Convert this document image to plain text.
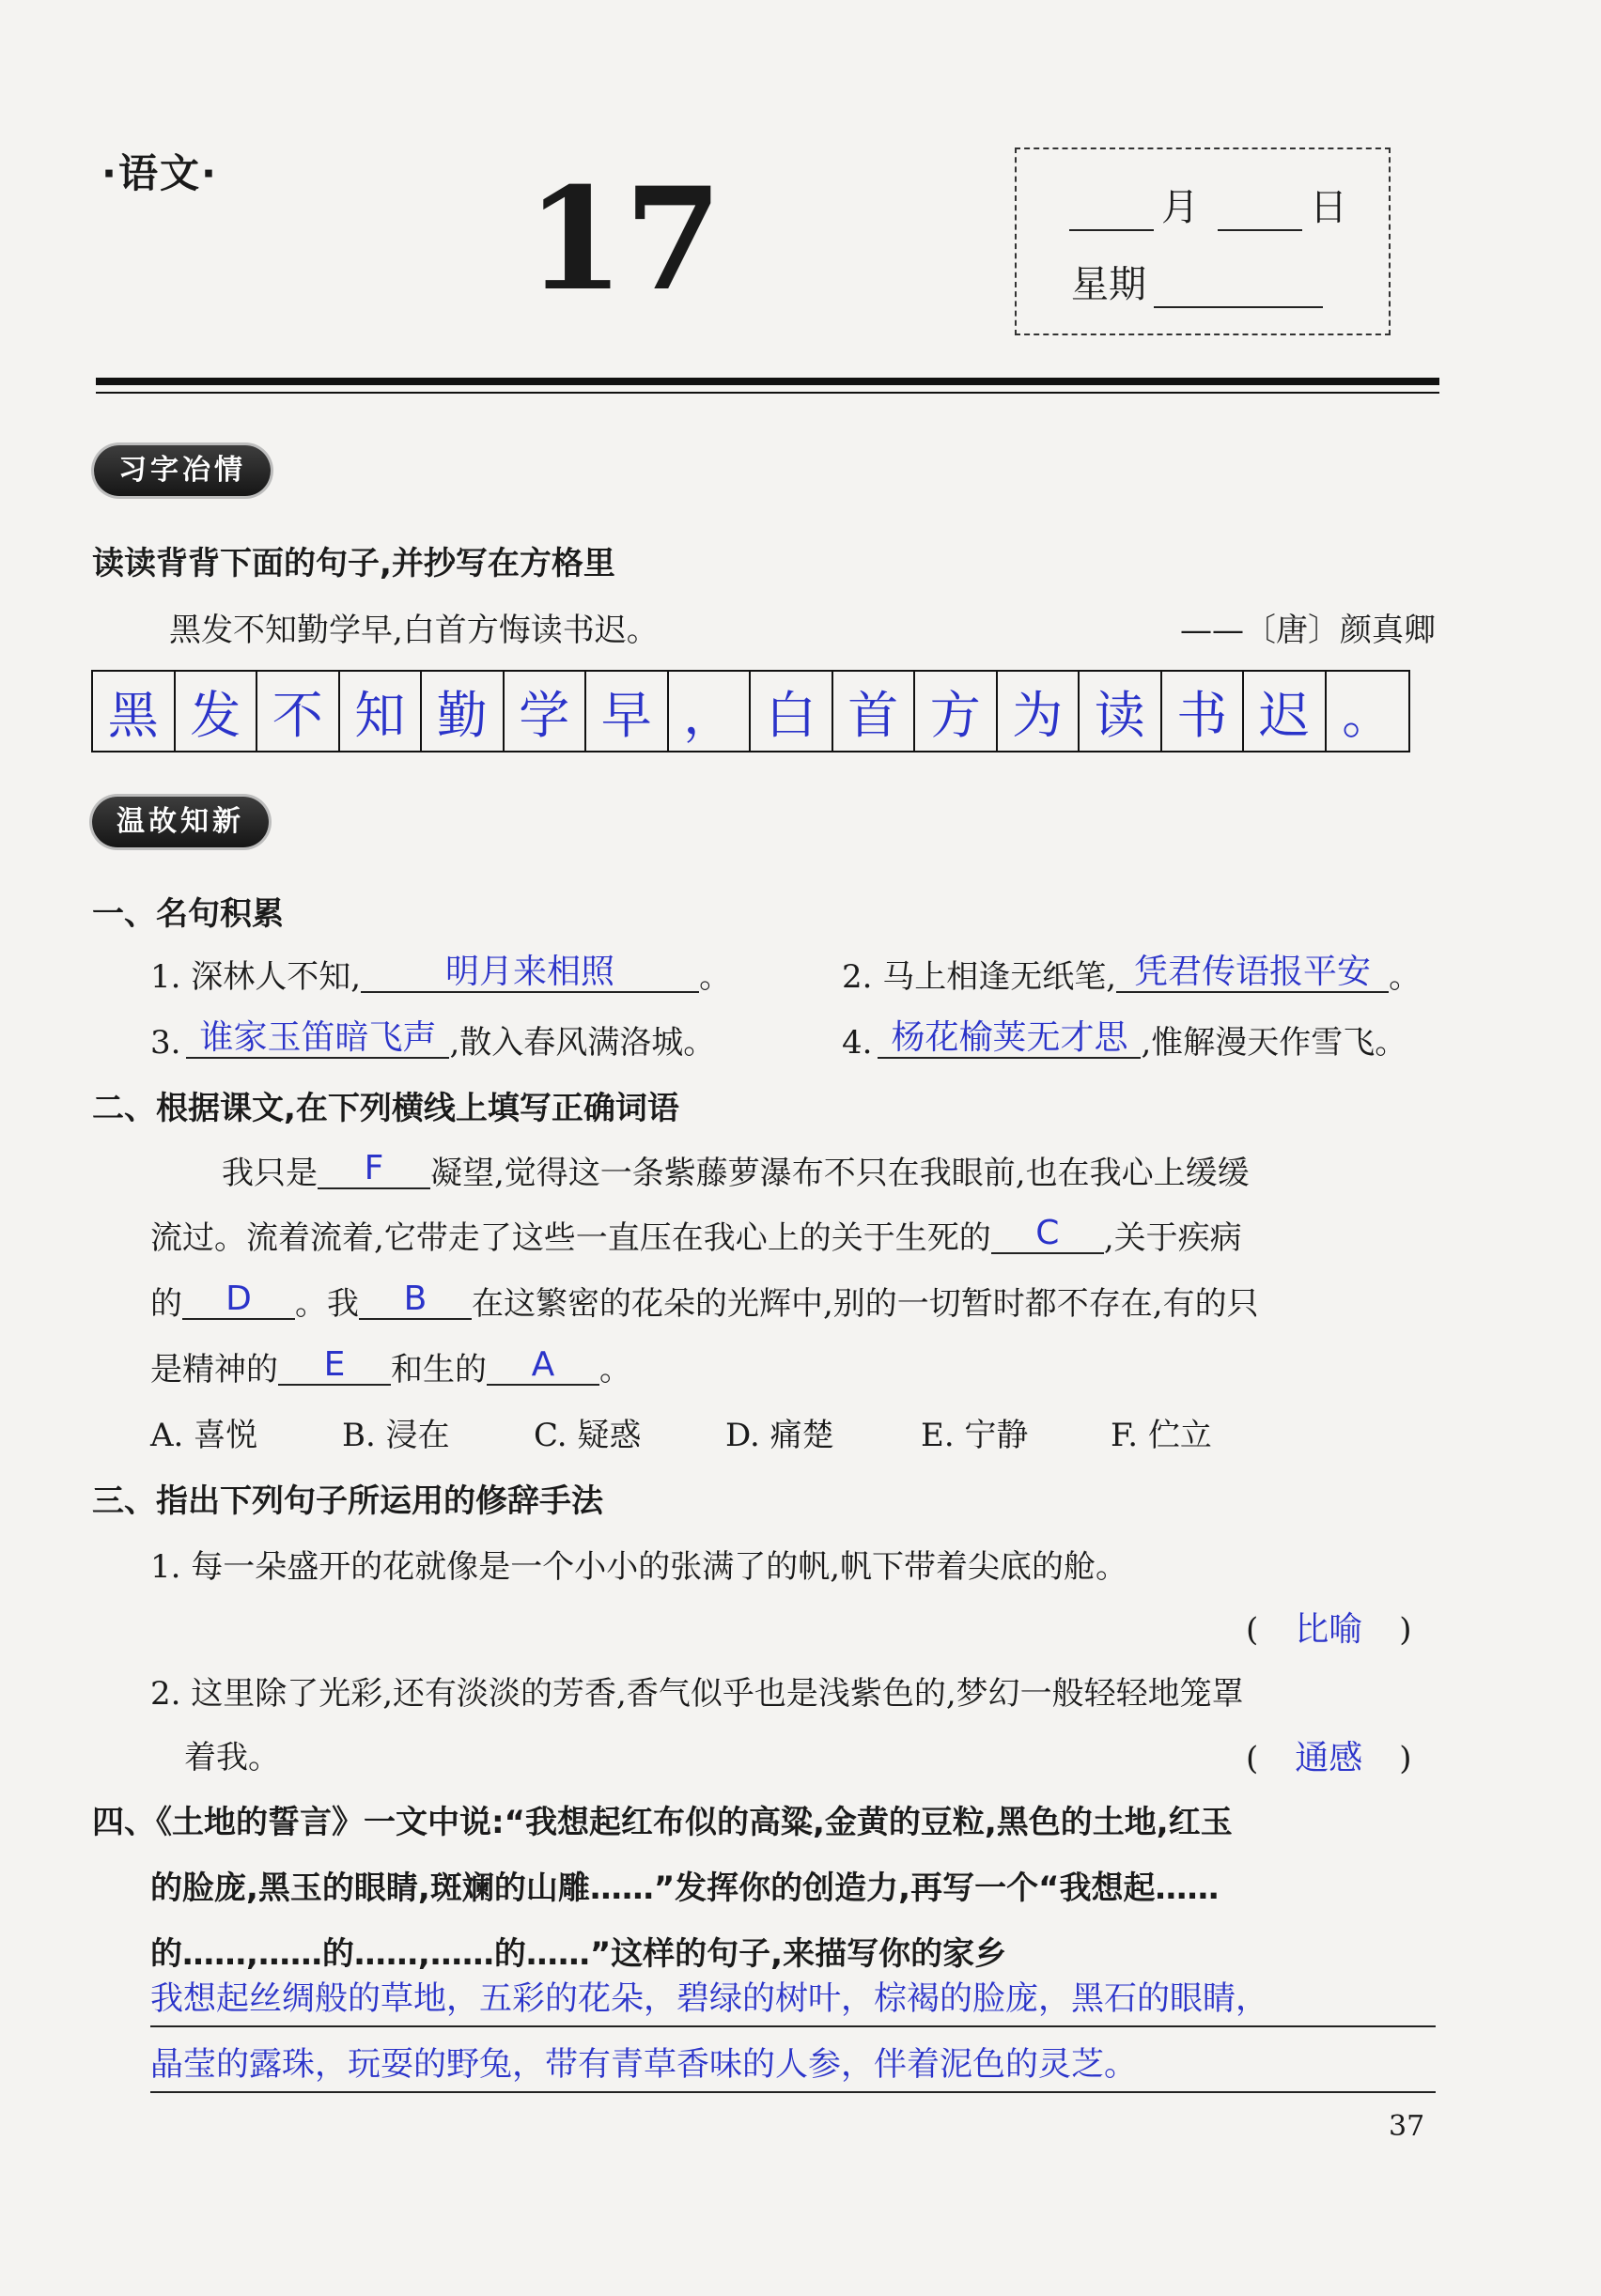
·语文· 17	月	日
星期
习字冶情
读读背背下面的句子,并抄写在方格里
黑发不知勤学早,白首方悔读书迟。	——〔唐〕颜真卿
黑 发 不 知 勤 学 早 ， 白 首 方 为 读 书 迟 。
温故知新
一、名句积累
1. 深林人不知, 明月来相照	。	2. 马上相逢无纸笔, 凭君传语报平安 。
3. 谁家玉笛暗飞声 ,散入春风满洛城。	4. 杨花榆荚无才思 ,惟解漫天作雪飞。
二、根据课文,在下列横线上填写正确词语
我只是 F 凝望,觉得这一条紫藤萝瀑布不只在我眼前,也在我心上缓缓
流过。流着流着,它带走了这些一直压在我心上的关于生死的 C ,关于疾病
的 D 。我 B 在这繁密的花朵的光辉中,别的一切暂时都不存在,有的只
是精神的 E 和生的 A 。
A. 喜悦	B. 浸在	C. 疑惑	D. 痛楚	E. 宁静	F. 伫立
三、指出下列句子所运用的修辞手法
1. 每一朵盛开的花就像是一个小小的张满了的帆,帆下带着尖底的舱。
( 比喻 )
2. 这里除了光彩,还有淡淡的芳香,香气似乎也是浅紫色的,梦幻一般轻轻地笼罩
着我。	( 通感 )
四、《土地的誓言》一文中说:“我想起红布似的高粱,金黄的豆粒,黑色的土地,红玉
的脸庞,黑玉的眼睛,斑斓的山雕……”发挥你的创造力,再写一个“我想起……
的……,……的……,……的……”这样的句子,来描写你的家乡
我想起丝绸般的草地，五彩的花朵，碧绿的树叶，棕褐的脸庞，黑石的眼睛，
晶莹的露珠，玩耍的野兔，带有青草香味的人参，伴着泥色的灵芝。
37
